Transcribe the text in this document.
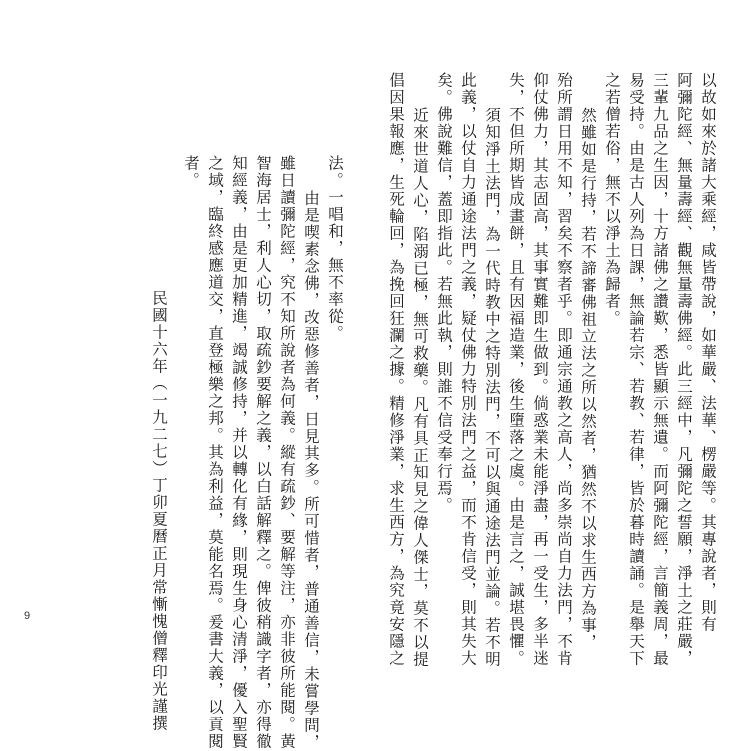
以故如來於諸大乘經，咸皆帶說，如華嚴、法華、楞嚴等。其專說者，則有
阿彌陀經、無量壽經、觀無量壽佛經。此三經中，凡彌陀之誓願，淨土之莊嚴，
三輩九品之生因，十方諸佛之讚歎，悉皆顯示無遺。而阿彌陀經，言簡義周，最
易受持。由是古人列為日課，無論若宗、若教、若律，皆於暮時讀誦。是舉天下
之若僧若俗，無不以淨土為歸者。
然雖如是行持，若不諦審佛祖立法之所以然者，猶然不以求生西方為事，
殆所謂日用不知，習矣不察者乎。即通宗通教之高人，尚多崇尚自力法門，不肯
仰仗佛力，其志固高，其事實難即生做到。倘惑業未能淨盡，再一受生，多半迷
失，不但所期皆成畫餅，且有因福造業，後生墮落之虞。由是言之，誠堪畏懼。
須知淨土法門，為一代時教中之特別法門，不可以與通途法門並論。若不明
此義，以仗自力通途法門之義，疑仗佛力特別法門之益，而不肯信受，則其失大
矣。佛說難信，蓋即指此。若無此執，則誰不信受奉行焉。
近來世道人心，陷溺已極，無可救藥。凡有具正知見之偉人傑士，莫不以提
倡因果報應，生死輪回，為挽回狂瀾之據。精修淨業，求生西方，為究竟安隱之
法。一唱和，無不率從。
由是喫素念佛，改惡修善者，日見其多。所可惜者，普通善信，未嘗學問，
雖日讀彌陀經，究不知所說者為何義。縱有疏鈔、要解等注，亦非彼所能閱。黃
智海居士，利人心切，取疏鈔要解之義，以白話解釋之。俾彼稍識字者，亦得徹
知經義，由是更加精進，竭誠修持，并以轉化有緣，則現生身心清淨，優入聖賢
之域，臨終感應道交，直登極樂之邦。其為利益，莫能名焉。爰書大義，以貢閱
者。
民國十六年（一九二七）丁卯夏曆正月常慚愧僧釋印光謹撰
9
